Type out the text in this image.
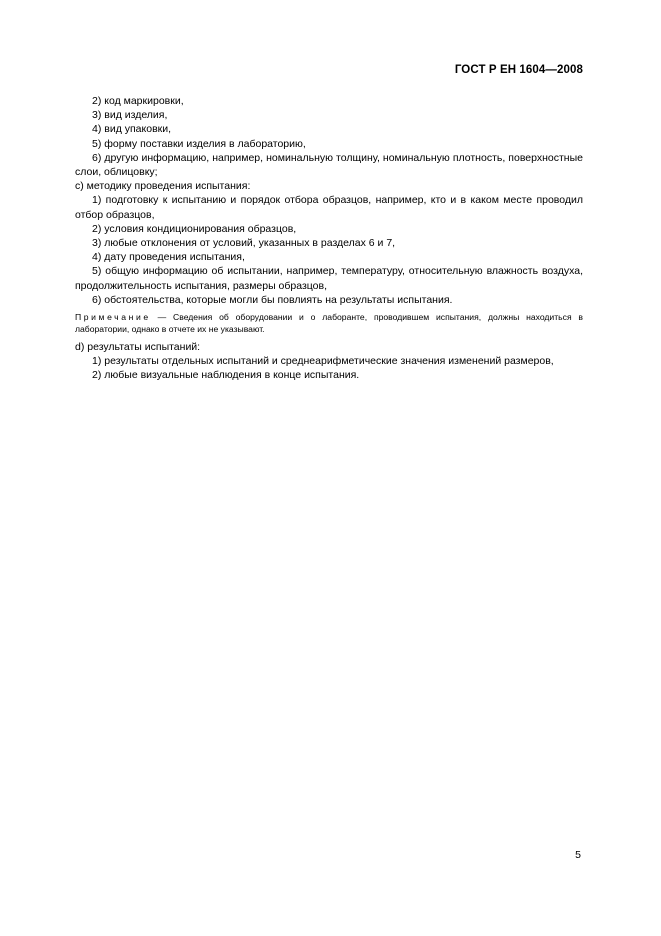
ГОСТ Р ЕН 1604—2008
2) код маркировки,
3) вид изделия,
4) вид упаковки,
5) форму поставки изделия в лабораторию,
6) другую информацию, например, номинальную толщину, номинальную плотность, поверхностные слои, облицовку;
с) методику проведения испытания:
1) подготовку к испытанию и порядок отбора образцов, например, кто и в каком месте проводил отбор образцов,
2) условия кондиционирования образцов,
3) любые отклонения от условий, указанных в разделах 6 и 7,
4) дату проведения испытания,
5) общую информацию об испытании, например, температуру, относительную влажность воздуха, продолжительность испытания, размеры образцов,
6) обстоятельства, которые могли бы повлиять на результаты испытания.
Примечание — Сведения об оборудовании и о лаборанте, проводившем испытания, должны находиться в лаборатории, однако в отчете их не указывают.
d) результаты испытаний:
1) результаты отдельных испытаний и среднеарифметические значения изменений размеров,
2) любые визуальные наблюдения в конце испытания.
5
